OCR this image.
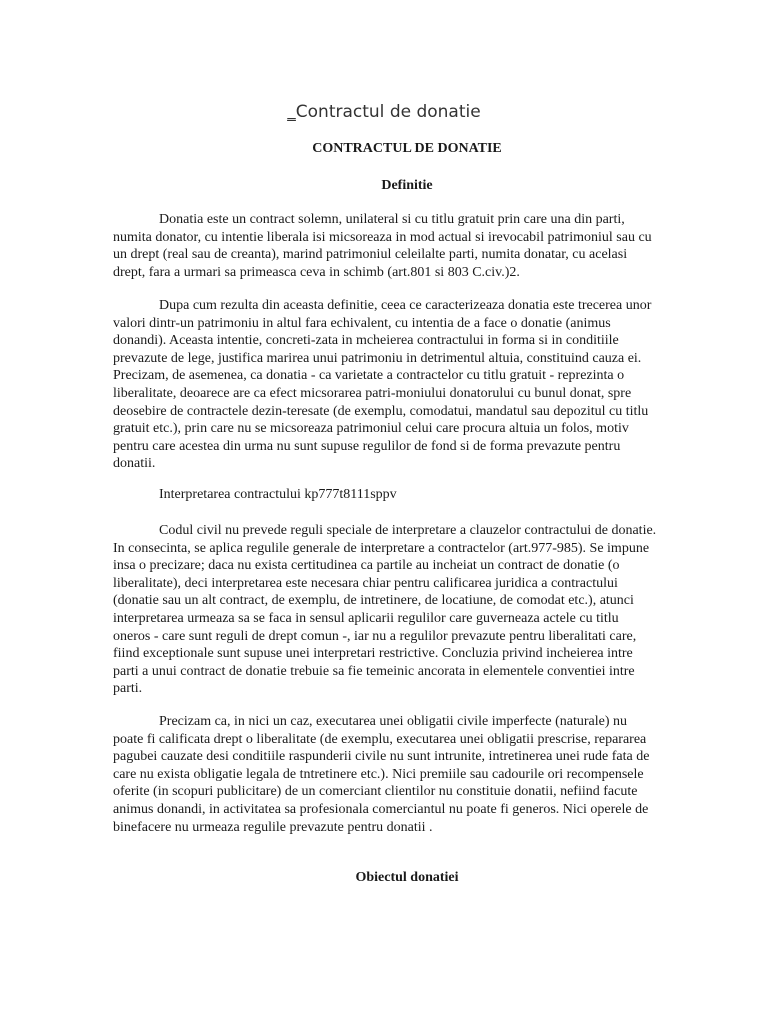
_Contractul de donatie
CONTRACTUL DE DONATIE
Definitie

Donatia este un contract solemn, unilateral si cu titlu gratuit prin care una din parti, numita donator, cu intentie liberala isi micsoreaza in mod actual si irevocabil patrimoniul sau cu un drept (real sau de creanta), marind patrimoniul celeilalte parti, numita donatar, cu acelasi drept, fara a urmari sa primeasca ceva in schimb (art.801 si 803 C.civ.)2.

Dupa cum rezulta din aceasta definitie, ceea ce caracterizeaza donatia este trecerea unor valori dintr-un patrimoniu in altul fara echivalent, cu intentia de a face o donatie (animus donandi). Aceasta intentie, concreti-zata in mcheierea contractului in forma si in conditiile prevazute de lege, justifica marirea unui patrimoniu in detrimentul altuia, constituind cauza ei. Precizam, de asemenea, ca donatia - ca varietate a contractelor cu titlu gratuit - reprezinta o liberalitate, deoarece are ca efect micsorarea patri-moniului donatorului cu bunul donat, spre deosebire de contractele dezin-teresate (de exemplu, comodatui, mandatul sau depozitul cu titlu gratuit etc.), prin care nu se micsoreaza patrimoniul celui care procura altuia un folos, motiv pentru care acestea din urma nu sunt supuse regulilor de fond si de forma prevazute pentru donatii.

Interpretarea contractului kp777t8111sppv

Codul civil nu prevede reguli speciale de interpretare a clauzelor contractului de donatie. In consecinta, se aplica regulile generale de interpretare a contractelor (art.977-985). Se impune insa o precizare; daca nu exista certitudinea ca partile au incheiat un contract de donatie (o liberalitate), deci interpretarea este necesara chiar pentru calificarea juridica a contractului (donatie sau un alt contract, de exemplu, de intretinere, de locatiune, de comodat etc.), atunci interpretarea urmeaza sa se faca in sensul aplicarii regulilor care guverneaza actele cu titlu oneros - care sunt reguli de drept comun -, iar nu a regulilor prevazute pentru liberalitati care, fiind exceptionale sunt supuse unei interpretari restrictive. Concluzia privind incheierea intre parti a unui contract de donatie trebuie sa fie temeinic ancorata in elementele conventiei intre parti.

Precizam ca, in nici un caz, executarea unei obligatii civile imperfecte (naturale) nu poate fi calificata drept o liberalitate (de exemplu, executarea unei obligatii prescrise, repararea pagubei cauzate desi conditiile raspunderii civile nu sunt intrunite, intretinerea unei rude fata de care nu exista obligatie legala de tntretinere etc.). Nici premiile sau cadourile ori recompensele oferite (in scopuri publicitare) de un comerciant clientilor nu constituie donatii, nefiind facute animus donandi, in activitatea sa profesionala comerciantul nu poate fi generos. Nici operele de binefacere nu urmeaza regulile prevazute pentru donatii .

Obiectul donatiei
